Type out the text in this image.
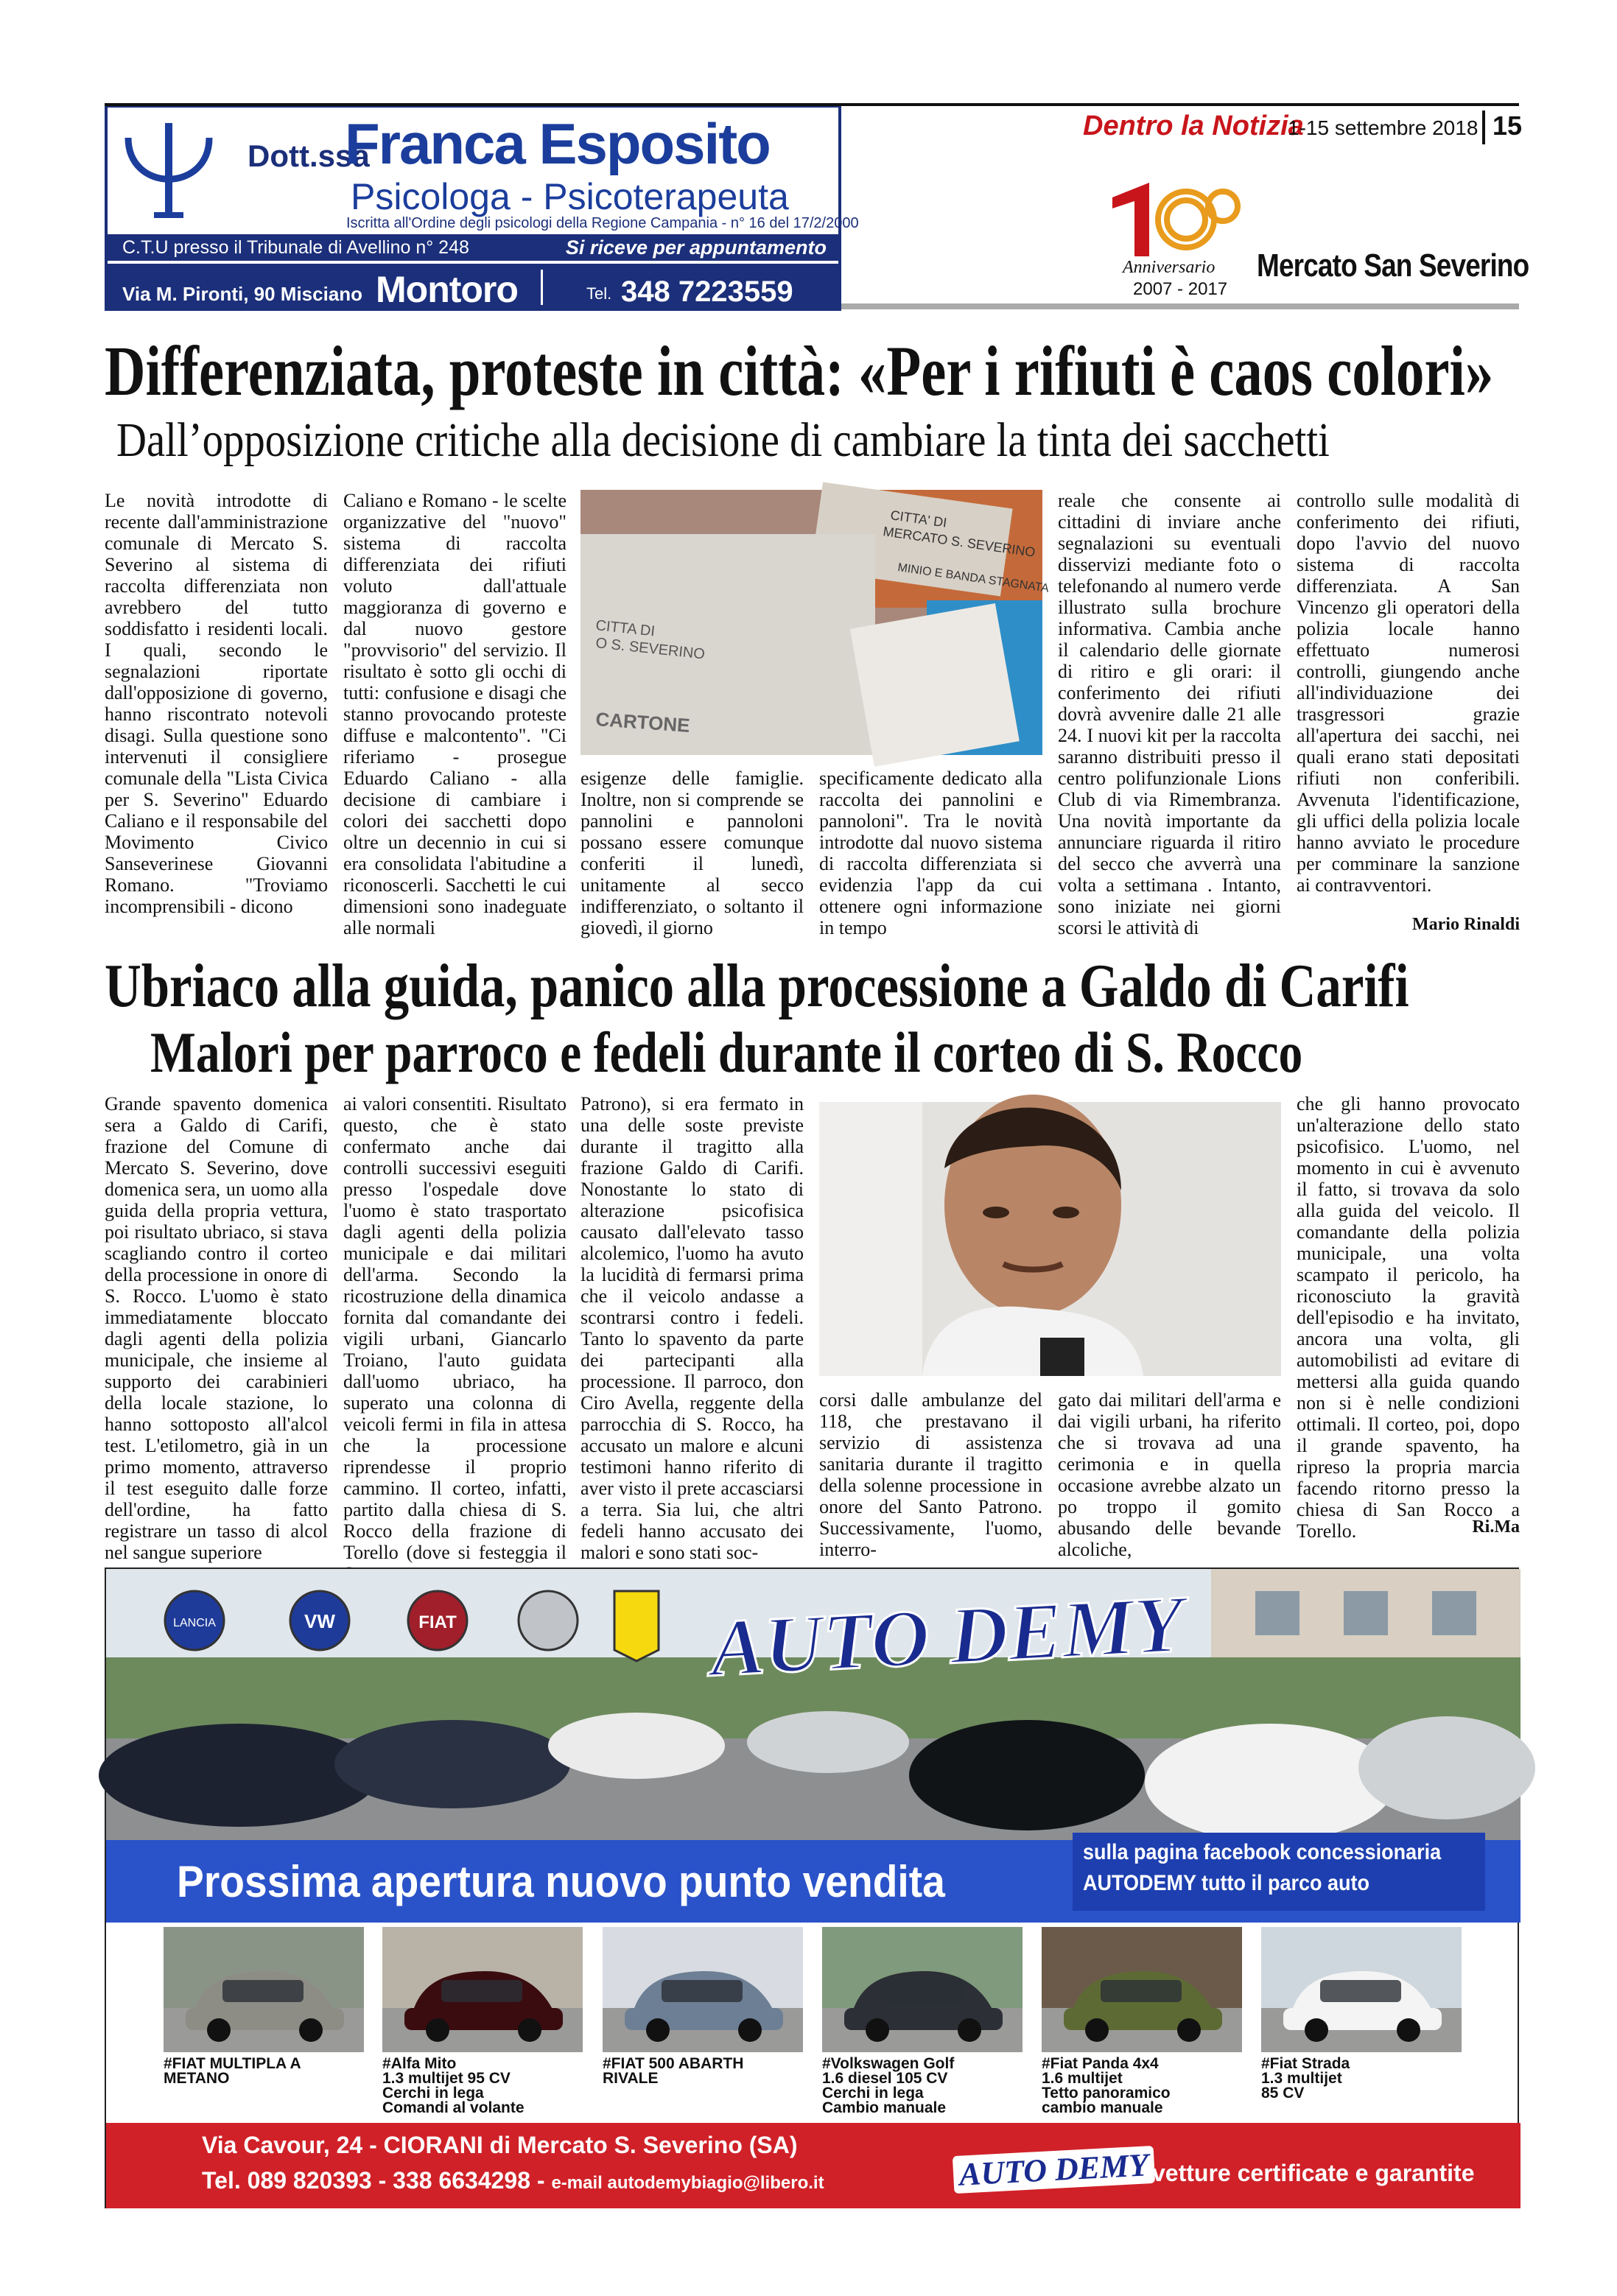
Dott.ssa
Franca Esposito
Psicologa - Psicoterapeuta
Iscritta all'Ordine degli psicologi della Regione Campania - n° 16 del 17/2/2000
C.T.U presso il Tribunale di Avellino n° 248	Si riceve per appuntamento
Via M. Pironti, 90 Misciano Montoro	Tel. 348 7223559
Dentro la Notizia
1-15 settembre 2018 15
Anniversario
2007 - 2017
Mercato San Severino
Differenziata, proteste in città: «Per i rifiuti è caos colori»
Dall’opposizione critiche alla decisione di cambiare la tinta dei sacchetti
Le novità introdotte di recente dall'amministrazione comunale di Mercato S. Severino al sistema di raccolta differenziata non avrebbero del tutto soddisfatto i residenti locali. I quali, secondo le segnalazioni riportate dall'opposizione di governo, hanno riscontrato notevoli disagi. Sulla questione sono intervenuti il consigliere comunale della "Lista Civica per S. Severino" Eduardo Caliano e il responsabile del Movimento Civico Sanseverinese Giovanni Romano. "Troviamo incomprensibili - dicono
Caliano e Romano - le scelte organizzative del "nuovo" sistema di raccolta differenziata dei rifiuti voluto dall'attuale maggioranza di governo e dal nuovo gestore "provvisorio" del servizio. Il risultato è sotto gli occhi di tutti: confusione e disagi che stanno provocando proteste diffuse e malcontento". "Ci riferiamo - prosegue Eduardo Caliano - alla decisione di cambiare i colori dei sacchetti dopo oltre un decennio in cui si era consolidata l'abitudine a riconoscerli. Sacchetti le cui dimensioni sono inadeguate alle normali
CITTA' DI
MERCATO S. SEVERINO
MINIO E BANDA STAGNATA
CITTA DI
O S. SEVERINO
CARTONE
esigenze delle famiglie. Inoltre, non si comprende se pannolini e pannoloni possano essere comunque conferiti il lunedì, unitamente al secco indifferenziato, o soltanto il giovedì, il giorno
specificamente dedicato alla raccolta dei pannolini e pannoloni". Tra le novità introdotte dal nuovo sistema di raccolta differenziata si evidenzia l'app da cui ottenere ogni informazione in tempo
reale che consente ai cittadini di inviare anche segnalazioni su eventuali disservizi mediante foto o telefonando al numero verde illustrato sulla brochure informativa. Cambia anche il calendario delle giornate di ritiro e gli orari: il conferimento dei rifiuti dovrà avvenire dalle 21 alle 24. I nuovi kit per la raccolta saranno distribuiti presso il centro polifunzionale Lions Club di via Rimembranza. Una novità importante da annunciare riguarda il ritiro del secco che avverrà una volta a settimana . Intanto, sono iniziate nei giorni scorsi le attività di
controllo sulle modalità di conferimento dei rifiuti, dopo l'avvio del nuovo sistema di raccolta differenziata. A San Vincenzo gli operatori della polizia locale hanno effettuato numerosi controlli, giungendo anche all'individuazione dei trasgressori grazie all'apertura dei sacchi, nei quali erano stati depositati rifiuti non conferibili. Avvenuta l'identificazione, gli uffici della polizia locale hanno avviato le procedure per comminare la sanzione ai contravventori.
Mario Rinaldi
Ubriaco alla guida, panico alla processione a Galdo di Carifi
Malori per parroco e fedeli durante il corteo di S. Rocco
Grande spavento domenica sera a Galdo di Carifi, frazione del Comune di Mercato S. Severino, dove domenica sera, un uomo alla guida della propria vettura, poi risultato ubriaco, si stava scagliando contro il corteo della processione in onore di S. Rocco. L'uomo è stato immediatamente bloccato dagli agenti della polizia municipale, che insieme al supporto dei carabinieri della locale stazione, lo hanno sottoposto all'alcol test. L'etilometro, già in un primo momento, attraverso il test eseguito dalle forze dell'ordine, ha fatto registrare un tasso di alcol nel sangue superiore
ai valori consentiti. Risultato questo, che è stato confermato anche dai controlli successivi eseguiti presso l'ospedale dove l'uomo è stato trasportato dagli agenti della polizia municipale e dai militari dell'arma. Secondo la ricostruzione della dinamica fornita dal comandante dei vigili urbani, Giancarlo Troiano, l'auto guidata dall'uomo ubriaco, ha superato una colonna di veicoli fermi in fila in attesa che la processione riprendesse il proprio cammino. Il corteo, infatti, partito dalla chiesa di S. Rocco della frazione di Torello (dove si festeggia il
Patrono), si era fermato in una delle soste previste durante il tragitto alla frazione Galdo di Carifi. Nonostante lo stato di alterazione psicofisica causato dall'elevato tasso alcolemico, l'uomo ha avuto la lucidità di fermarsi prima che il veicolo andasse a scontrarsi contro i fedeli. Tanto lo spavento da parte dei partecipanti alla processione. Il parroco, don Ciro Avella, reggente della parrocchia di S. Rocco, ha accusato un malore e alcuni testimoni hanno riferito di aver visto il prete accasciarsi a terra. Sia lui, che altri fedeli hanno accusato dei malori e sono stati soc-
corsi dalle ambulanze del 118, che prestavano il servizio di assistenza sanitaria durante il tragitto della solenne processione in onore del Santo Patrono. Successivamente, l'uomo, interro-
gato dai militari dell'arma e dai vigili urbani, ha riferito che si trovava ad una cerimonia e in quella occasione avrebbe alzato un po troppo il gomito abusando delle bevande alcoliche,
che gli hanno provocato un'alterazione dello stato psicofisico. L'uomo, nel momento in cui è avvenuto il fatto, si trovava da solo alla guida del veicolo. Il comandante della polizia municipale, una volta scampato il pericolo, ha riconosciuto la gravità dell'episodio e ha invitato, ancora una volta, gli automobilisti ad evitare di mettersi alla guida quando non si è nelle condizioni ottimali. Il corteo, poi, dopo il grande spavento, ha ripreso la propria marcia facendo ritorno presso la chiesa di San Rocco a Torello.	Ri.Ma
LANCIA	VW	FIAT	AUTO DEMY
Prossima apertura nuovo punto vendita
sulla pagina facebook concessionaria
AUTODEMY tutto il parco auto
#FIAT MULTIPLA A
METANO
#Alfa Mito
1.3 multijet 95 CV
Cerchi in lega
Comandi al volante
#FIAT 500 ABARTH
RIVALE
#Volkswagen Golf
1.6 diesel 105 CV
Cerchi in lega
Cambio manuale
#Fiat Panda 4x4
1.6 multijet
Tetto panoramico
cambio manuale
#Fiat Strada
1.3 multijet
85 CV
Via Cavour, 24 - CIORANI di Mercato S. Severino (SA)
Tel. 089 820393 - 338 6634298 - e-mail autodemybiagio@libero.it	AUTO DEMY vetture certificate e garantite
